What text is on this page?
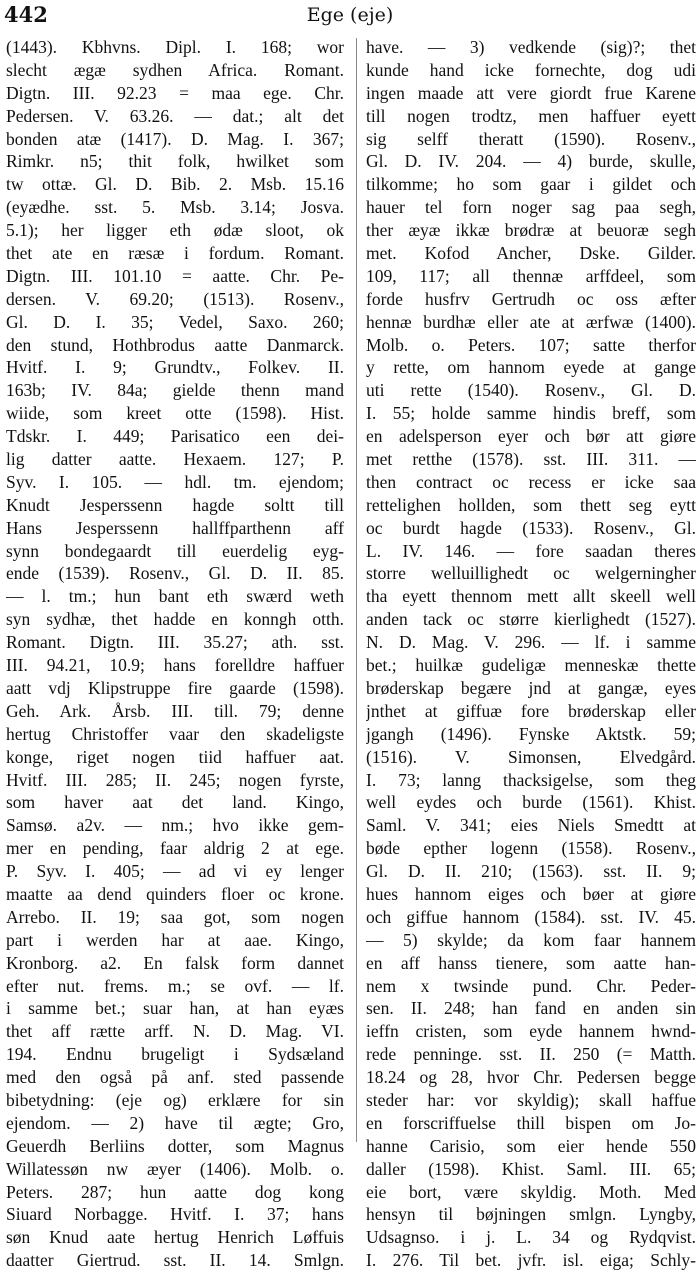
442	Ege (eje)
(1443). Kbhvns. Dipl. I. 168; wor
slecht ægæ sydhen Africa. Romant.
Digtn. III. 92.23 = maa ege. Chr.
Pedersen. V. 63.26. — dat.; alt det
bonden atæ (1417). D. Mag. I. 367;
Rimkr. n5; thit folk, hwilket som
tw ottæ. Gl. D. Bib. 2. Msb. 15.16
(eyædhe. sst. 5. Msb. 3.14; Josva.
5.1); her ligger eth ødæ sloot, ok
thet ate en ræsæ i fordum. Romant.
Digtn. III. 101.10 = aatte. Chr. Pe-
dersen. V. 69.20; (1513). Rosenv.,
Gl. D. I. 35; Vedel, Saxo. 260;
den stund, Hothbrodus aatte Danmarck.
Hvitf. I. 9; Grundtv., Folkev. II.
163b; IV. 84a; gielde thenn mand
wiide, som kreet otte (1598). Hist.
Tdskr. I. 449; Parisatico een dei-
lig datter aatte. Hexaem. 127; P.
Syv. I. 105. — hdl. tm. ejendom;
Knudt Jesperssenn hagde soltt till
Hans Jesperssenn hallffparthenn aff
synn bondegaardt till euerdelig eyg-
ende (1539). Rosenv., Gl. D. II. 85.
— l. tm.; hun bant eth swærd weth
syn sydhæ, thet hadde en konngh otth.
Romant. Digtn. III. 35.27; ath. sst.
III. 94.21, 10.9; hans forelldre haffuer
aatt vdj Klipstruppe fire gaarde (1598).
Geh. Ark. Årsb. III. till. 79; denne
hertug Christoffer vaar den skadeligste
konge, riget nogen tiid haffuer aat.
Hvitf. III. 285; II. 245; nogen fyrste,
som haver aat det land. Kingo,
Samsø. a2v. — nm.; hvo ikke gem-
mer en pending, faar aldrig 2 at ege.
P. Syv. I. 405; — ad vi ey lenger
maatte aa dend quinders floer oc krone.
Arrebo. II. 19; saa got, som nogen
part i werden har at aae. Kingo,
Kronborg. a2. En falsk form dannet
efter nut. frems. m.; se ovf. — lf.
i samme bet.; suar han, at han eyæs
thet aff rætte arff. N. D. Mag. VI.
194. Endnu brugeligt i Sydsæland
med den også på anf. sted passende
bibetydning: (eje og) erklære for sin
ejendom. — 2) have til ægte; Gro,
Geuerdh Berliins dotter, som Magnus
Willatessøn nw æyer (1406). Molb. o.
Peters. 287; hun aatte dog kong
Siuard Norbagge. Hvitf. I. 37; hans
søn Knud aate hertug Henrich Løffuis
daatter Giertrud. sst. II. 14. Smlgn.
have. — 3) vedkende (sig)?; thet
kunde hand icke fornechte, dog udi
ingen maade att vere giordt frue Karene
till nogen trodtz, men haffuer eyett
sig selff theratt (1590). Rosenv.,
Gl. D. IV. 204. — 4) burde, skulle,
tilkomme; ho som gaar i gildet och
hauer tel forn noger sag paa segh,
ther æyæ ikkæ brødræ at beuoræ segh
met. Kofod Ancher, Dske. Gilder.
109, 117; all thennæ arffdeel, som
forde husfrv Gertrudh oc oss æfter
hennæ burdhæ eller ate at ærfwæ (1400).
Molb. o. Peters. 107; satte therfor
y rette, om hannom eyede at gange
uti rette (1540). Rosenv., Gl. D.
I. 55; holde samme hindis breff, som
en adelsperson eyer och bør att giøre
met retthe (1578). sst. III. 311. —
then contract oc recess er icke saa
rettelighen hollden, som thett seg eytt
oc burdt hagde (1533). Rosenv., Gl.
L. IV. 146. — fore saadan theres
storre welluillighedt oc welgerningher
tha eyett thennom mett allt skeell well
anden tack oc større kierlighedt (1527).
N. D. Mag. V. 296. — lf. i samme
bet.; huilkæ gudeligæ menneskæ thette
brøderskap begære jnd at gangæ, eyes
jnthet at giffuæ fore brøderskap eller
jgangh (1496). Fynske Aktstk. 59;
(1516). V. Simonsen, Elvedgård.
I. 73; lanng thacksigelse, som theg
well eydes och burde (1561). Khist.
Saml. V. 341; eies Niels Smedtt at
bøde epther logenn (1558). Rosenv.,
Gl. D. II. 210; (1563). sst. II. 9;
hues hannom eiges och bøer at giøre
och giffue hannom (1584). sst. IV. 45.
— 5) skylde; da kom faar hannem
en aff hanss tienere, som aatte han-
nem x twsinde pund. Chr. Peder-
sen. II. 248; han fand en anden sin
ieffn cristen, som eyde hannem hwnd-
rede penninge. sst. II. 250 (= Matth.
18.24 og 28, hvor Chr. Pedersen begge
steder har: vor skyldig); skall haffue
en forscriffuelse thill bispen om Jo-
hanne Carisio, som eier hende 550
daller (1598). Khist. Saml. III. 65;
eie bort, være skyldig. Moth. Med
hensyn til bøjningen smlgn. Lyngby,
Udsagnso. i j. L. 34 og Rydqvist.
I. 276. Til bet. jvfr. isl. eiga; Schly-
